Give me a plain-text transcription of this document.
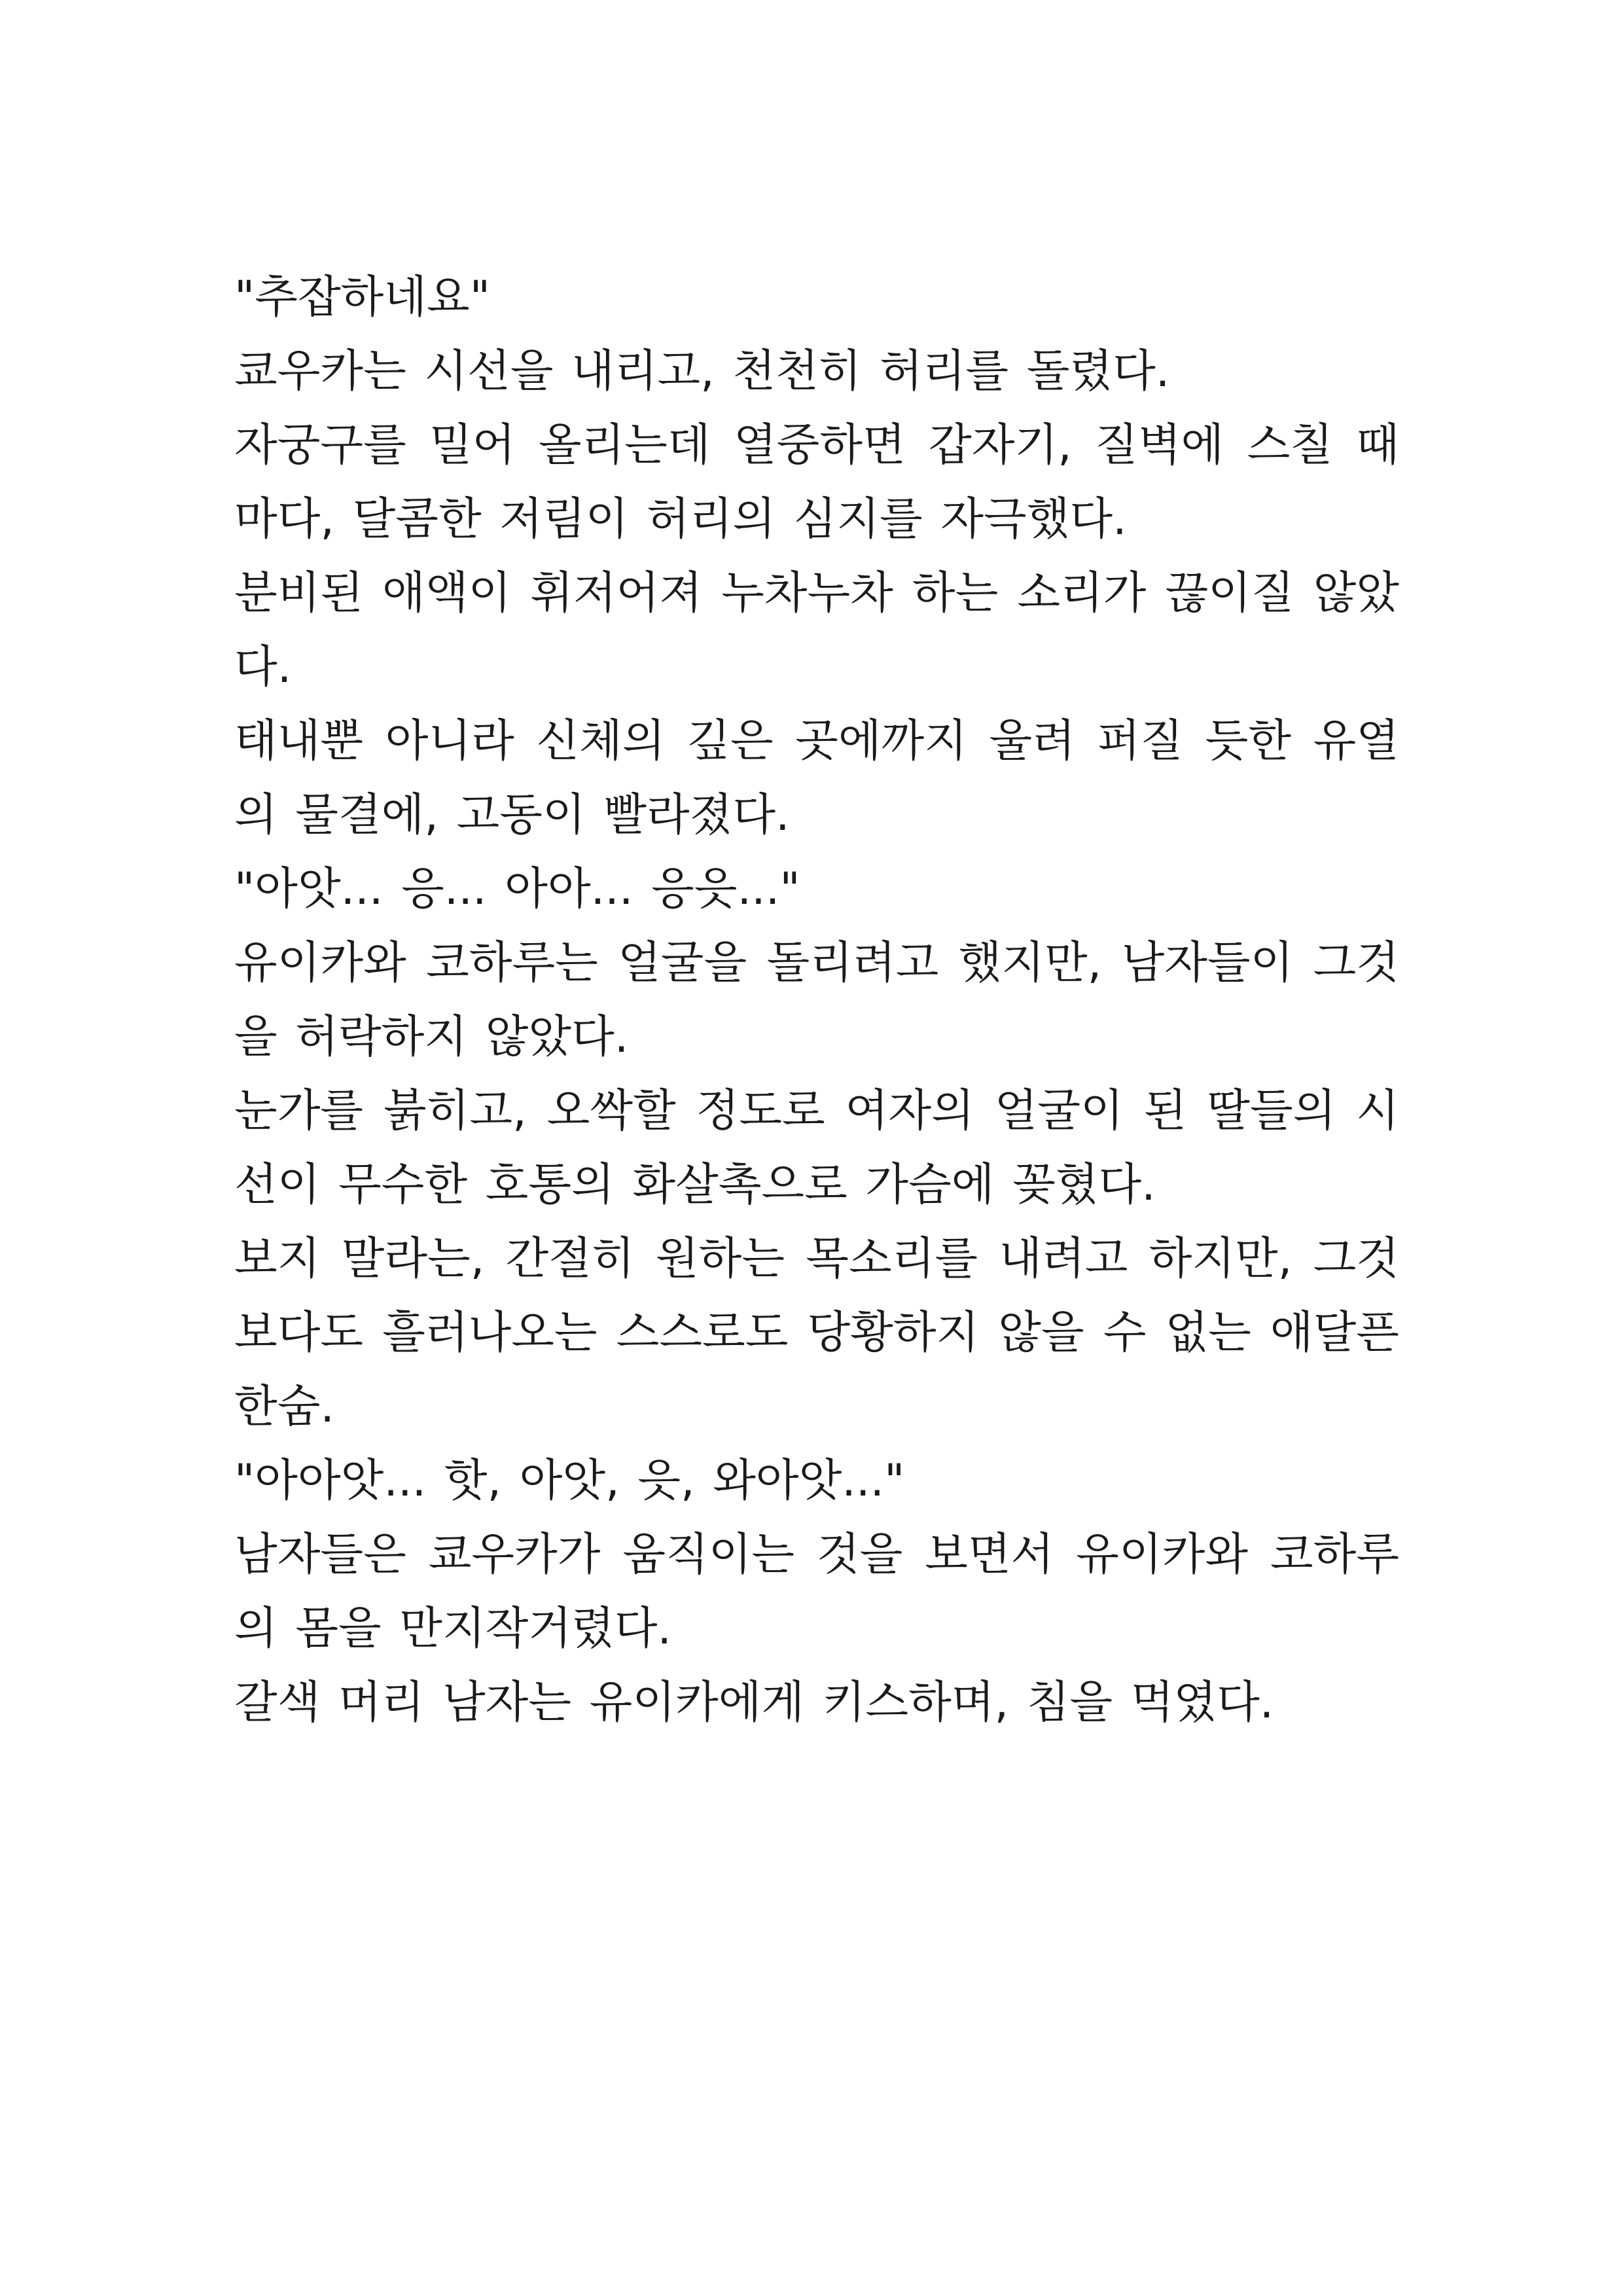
"추잡하네요"

쿄우카는 시선을 내리고, 천천히 허리를 돌렸다.

자궁구를 밀어 올리는데 열중하면 갑자기, 질벽에 스칠 때마다, 달콤한 저림이 허리의 심지를 자극했다.

분비된 애액이 휘저어져 누차누차 하는 소리가 끊이질 않았다.

태내뿐 아니라 신체의 깊은 곳에까지 울려 퍼질 듯한 유열의 물결에, 고동이 빨라졌다.

"아앗... 응... 아아... 응읏..."

유이카와 코하루는 얼굴을 돌리려고 했지만, 남자들이 그것을 허락하지 않았다.

눈가를 붉히고, 오싹할 정도로 여자의 얼굴이 된 딸들의 시선이 무수한 호통의 화살촉으로 가슴에 꽂혔다.

보지 말라는, 간절히 원하는 목소리를 내려고 하지만, 그것보다도 흘러나오는 스스로도 당황하지 않을 수 없는 애달픈 한숨.

"아아앗... 핫, 아앗, 읏, 와아앗..."

남자들은 쿄우카가 움직이는 것을 보면서 유이카와 코하루의 몸을 만지작거렸다.

갈색 머리 남자는 유이카에게 키스하며, 침을 먹였다.
